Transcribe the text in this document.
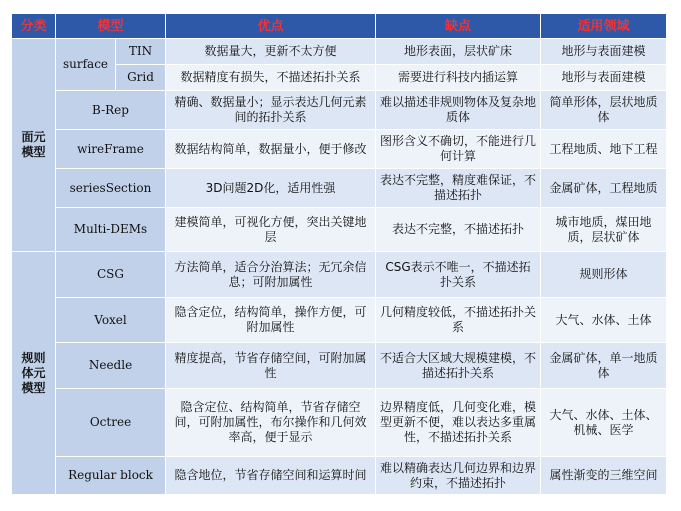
分类	模型		优点	缺点	适用领域
面元
模型	surface	TIN	数据量大，更新不太方便	地形表面，层状矿床	地形与表面建模
		Grid	数据精度有损失，不描述拓扑关系	需要进行科技内插运算	地形与表面建模
	B-Rep		精确、数据量小；显示表达几何元素间的拓扑关系	难以描述非规则物体及复杂地质体	简单形体，层状地质体
	wireFrame		数据结构简单，数据量小，便于修改	图形含义不确切，不能进行几何计算	工程地质、地下工程
	seriesSection		3D问题2D化，适用性强	表达不完整，精度难保证，不描述拓扑	金属矿体，工程地质
	Multi-DEMs		建模简单，可视化方便，突出关键地层	表达不完整，不描述拓扑	城市地质，煤田地质，层状矿体
规则
体元
模型	CSG		方法简单，适合分治算法；无冗余信息；可附加属性	CSG表示不唯一，不描述拓扑关系	规则形体
	Voxel		隐含定位，结构简单，操作方便，可附加属性	几何精度较低，不描述拓扑关系	大气、水体、土体
	Needle		精度提高，节省存储空间，可附加属性	不适合大区域大规模建模，不描述拓扑关系	金属矿体，单一地质体
	Octree		隐含定位、结构简单，节省存储空间，可附加属性，布尔操作和几何效率高，便于显示	边界精度低，几何变化难，模型更新不便，难以表达多重属性，不描述拓扑关系	大气、水体、土体、机械、医学
	Regular block		隐含地位，节省存储空间和运算时间	难以精确表达几何边界和边界约束，不描述拓扑	属性渐变的三维空间
